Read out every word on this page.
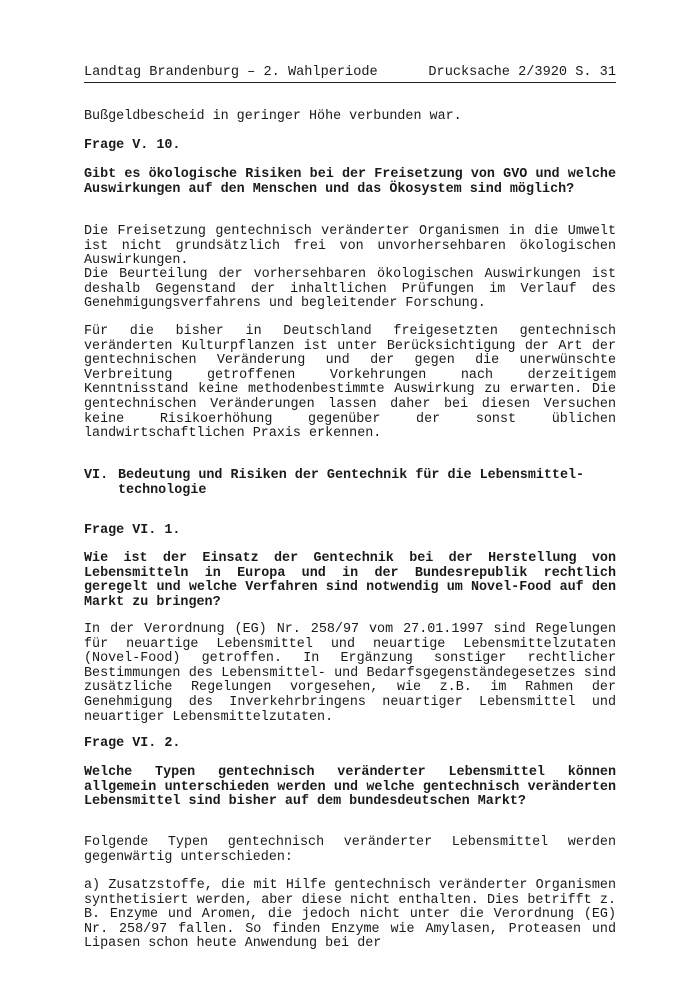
Landtag Brandenburg – 2. Wahlperiode	Drucksache 2/3920 S. 31

Bußgeldbescheid in geringer Höhe verbunden war.

Frage V. 10.

Gibt es ökologische Risiken bei der Freisetzung von GVO und welche Auswirkungen auf den Menschen und das Ökosystem sind möglich?

Die Freisetzung gentechnisch veränderter Organismen in die Umwelt ist nicht grundsätzlich frei von unvorhersehbaren ökologischen Auswirkungen.

Die Beurteilung der vorhersehbaren ökologischen Auswirkungen ist deshalb Gegenstand der inhaltlichen Prüfungen im Verlauf des Genehmigungsverfahrens und begleitender Forschung.

Für die bisher in Deutschland freigesetzten gentechnisch veränderten Kulturpflanzen ist unter Berücksichtigung der Art der gentechnischen Veränderung und der gegen die unerwünschte Verbreitung getroffenen Vorkehrungen nach derzeitigem Kenntnisstand keine methodenbestimmte Auswirkung zu erwarten. Die gentechnischen Veränderungen lassen daher bei diesen Versuchen keine Risikoerhöhung gegenüber der sonst üblichen landwirtschaftlichen Praxis erkennen.

VI. Bedeutung und Risiken der Gentechnik für die Lebensmittel-technologie

Frage VI. 1.

Wie ist der Einsatz der Gentechnik bei der Herstellung von Lebensmitteln in Europa und in der Bundesrepublik rechtlich geregelt und welche Verfahren sind notwendig um Novel-Food auf den Markt zu bringen?

In der Verordnung (EG) Nr. 258/97 vom 27.01.1997 sind Regelungen für neuartige Lebensmittel und neuartige Lebensmittelzutaten (Novel-Food) getroffen. In Ergänzung sonstiger rechtlicher Bestimmungen des Lebensmittel- und Bedarfsgegenständegesetzes sind zusätzliche Regelungen vorgesehen, wie z.B. im Rahmen der Genehmigung des Inverkehrbringens neuartiger Lebensmittel und neuartiger Lebensmittelzutaten.

Frage VI. 2.

Welche Typen gentechnisch veränderter Lebensmittel können allgemein unterschieden werden und welche gentechnisch veränderten Lebensmittel sind bisher auf dem bundesdeutschen Markt?

Folgende Typen gentechnisch veränderter Lebensmittel werden gegenwärtig unterschieden:

a) Zusatzstoffe, die mit Hilfe gentechnisch veränderter Organismen synthetisiert werden, aber diese nicht enthalten. Dies betrifft z. B. Enzyme und Aromen, die jedoch nicht unter die Verordnung (EG) Nr. 258/97 fallen. So finden Enzyme wie Amylasen, Proteasen und Lipasen schon heute Anwendung bei der
